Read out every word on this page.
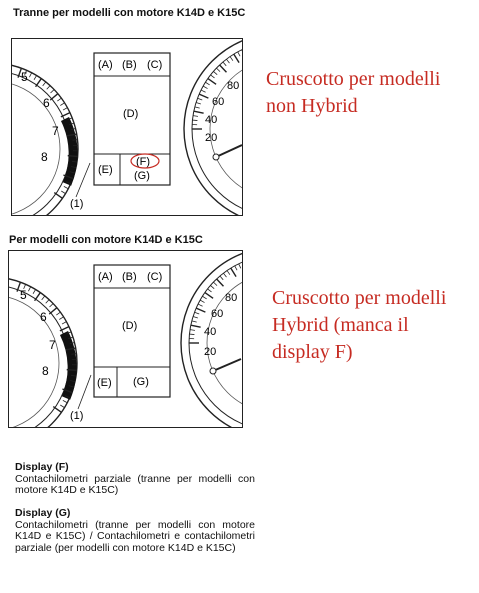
Tranne per modelli con motore K14D e K15C
5
6
7
8
(A) (B) (C)
(D)
(E)
(F)
(G)
(1)
80
60
40
20
Cruscotto per modelli non Hybrid
Per modelli con motore K14D e K15C
5
6
7
8
(A) (B) (C)
(D)
(E) (G)
(1)
80
60
40
20
Cruscotto per modelli Hybrid (manca il display F)
Display (F)
Contachilometri parziale (tranne per modelli con motore K14D e K15C)
Display (G)
Contachilometri (tranne per modelli con motore K14D e K15C) / Contachilometri e contachilometri parziale (per modelli con motore K14D e K15C)
